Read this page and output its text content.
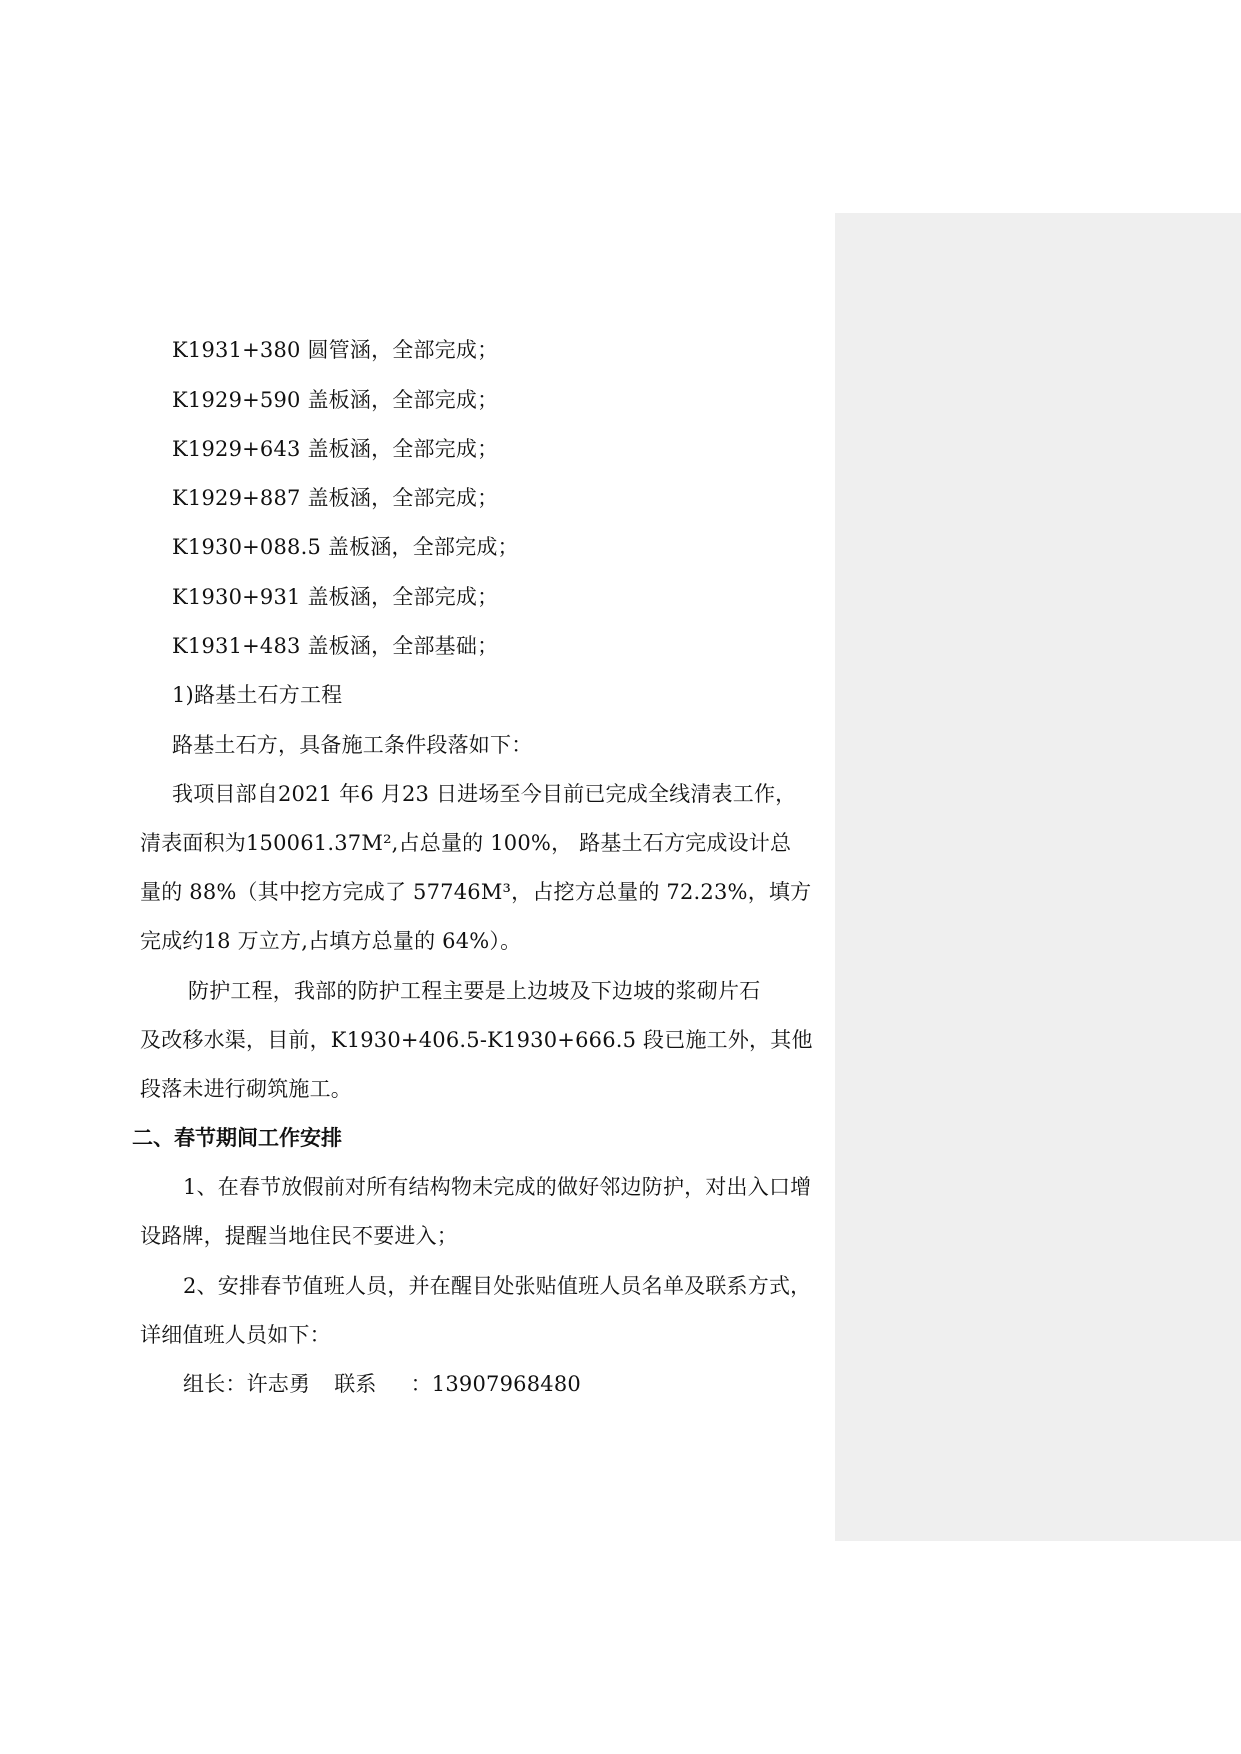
K1931+380 圆管涵，全部完成；
K1929+590 盖板涵，全部完成；
K1929+643 盖板涵，全部完成；
K1929+887 盖板涵，全部完成；
K1930+088.5 盖板涵，全部完成；
K1930+931 盖板涵，全部完成；
K1931+483 盖板涵，全部基础；
1)路基土石方工程
路基土石方，具备施工条件段落如下：
我项目部自2021 年6 月23 日进场至今目前已完成全线清表工作，
清表面积为150061.37M²,占总量的 100%， 路基土石方完成设计总
量的 88%（其中挖方完成了 57746M³，占挖方总量的 72.23%，填方
完成约18 万立方,占填方总量的 64%）。
防护工程，我部的防护工程主要是上边坡及下边坡的浆砌片石
及改移水渠，目前，K1930+406.5-K1930+666.5 段已施工外，其他
段落未进行砌筑施工。
二、春节期间工作安排
1、在春节放假前对所有结构物未完成的做好邻边防护，对出入口增
设路牌，提醒当地住民不要进入；
2、安排春节值班人员，并在醒目处张贴值班人员名单及联系方式，
详细值班人员如下：
组长：许志勇 联系 ：13907968480
